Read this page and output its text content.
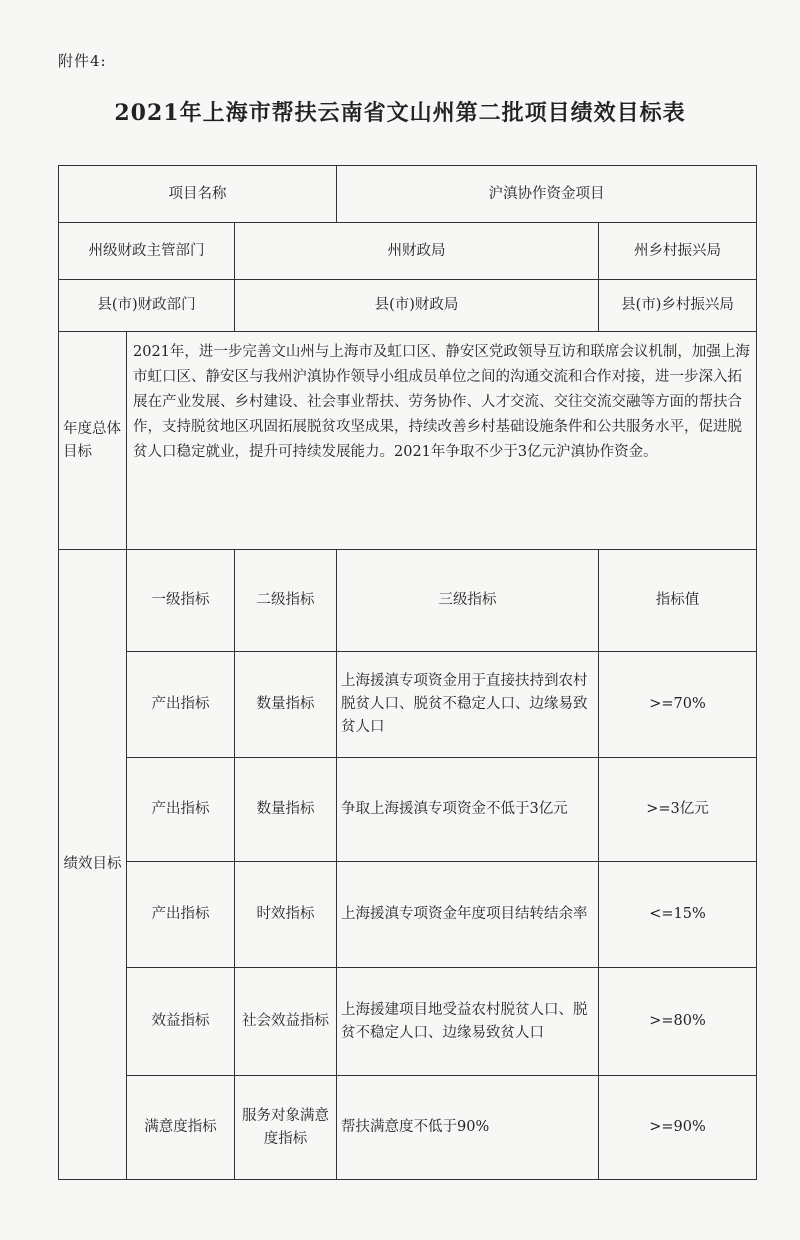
附件4:
2021年上海市帮扶云南省文山州第二批项目绩效目标表
项目名称			沪滇协作资金项目	
州级财政主管部门		州财政局		州乡村振兴局
县(市)财政部门		县(市)财政局		县(市)乡村振兴局
年度总体目标	2021年，进一步完善文山州与上海市及虹口区、静安区党政领导互访和联席会议机制，加强上海市虹口区、静安区与我州沪滇协作领导小组成员单位之间的沟通交流和合作对接，进一步深入拓展在产业发展、乡村建设、社会事业帮扶、劳务协作、人才交流、交往交流交融等方面的帮扶合作，支持脱贫地区巩固拓展脱贫攻坚成果，持续改善乡村基础设施条件和公共服务水平，促进脱贫人口稳定就业，提升可持续发展能力。2021年争取不少于3亿元沪滇协作资金。			
绩效目标	一级指标	二级指标	三级指标	指标值
	产出指标	数量指标	上海援滇专项资金用于直接扶持到农村脱贫人口、脱贫不稳定人口、边缘易致贫人口	>=70%
	产出指标	数量指标	争取上海援滇专项资金不低于3亿元	>=3亿元
	产出指标	时效指标	上海援滇专项资金年度项目结转结余率	<=15%
	效益指标	社会效益指标	上海援建项目地受益农村脱贫人口、脱贫不稳定人口、边缘易致贫人口	>=80%
	满意度指标	服务对象满意度指标	帮扶满意度不低于90%	>=90%
